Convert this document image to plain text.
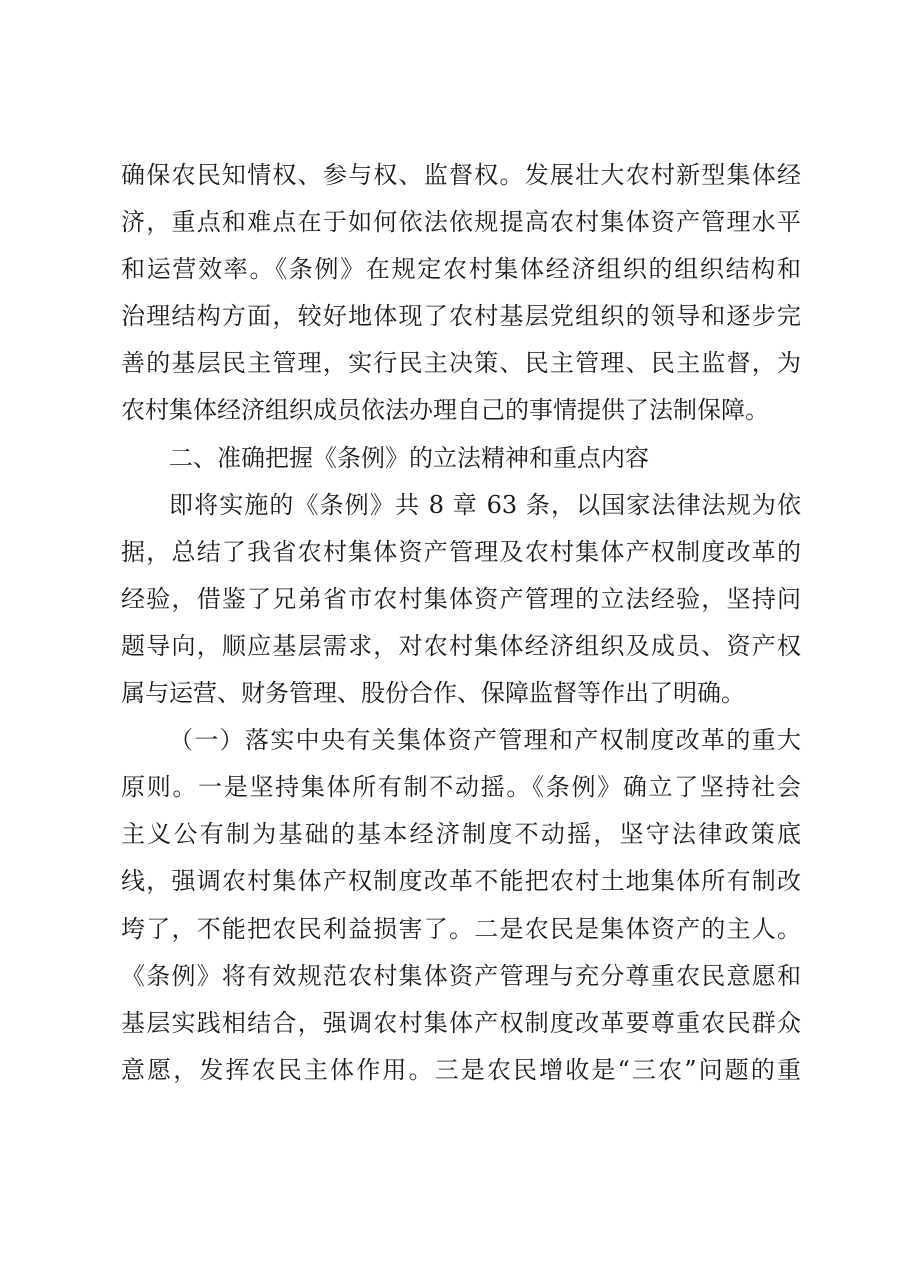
确保农民知情权、参与权、监督权。发展壮大农村新型集体经
济，重点和难点在于如何依法依规提高农村集体资产管理水平
和运营效率。《条例》在规定农村集体经济组织的组织结构和
治理结构方面，较好地体现了农村基层党组织的领导和逐步完
善的基层民主管理，实行民主决策、民主管理、民主监督，为
农村集体经济组织成员依法办理自己的事情提供了法制保障。
二、准确把握《条例》的立法精神和重点内容
即将实施的《条例》共 8 章 63 条，以国家法律法规为依
据，总结了我省农村集体资产管理及农村集体产权制度改革的
经验，借鉴了兄弟省市农村集体资产管理的立法经验，坚持问
题导向，顺应基层需求，对农村集体经济组织及成员、资产权
属与运营、财务管理、股份合作、保障监督等作出了明确。
（一）落实中央有关集体资产管理和产权制度改革的重大
原则。一是坚持集体所有制不动摇。《条例》确立了坚持社会
主义公有制为基础的基本经济制度不动摇，坚守法律政策底
线，强调农村集体产权制度改革不能把农村土地集体所有制改
垮了，不能把农民利益损害了。二是农民是集体资产的主人。
《条例》将有效规范农村集体资产管理与充分尊重农民意愿和
基层实践相结合，强调农村集体产权制度改革要尊重农民群众
意愿，发挥农民主体作用。三是农民增收是“三农”问题的重
